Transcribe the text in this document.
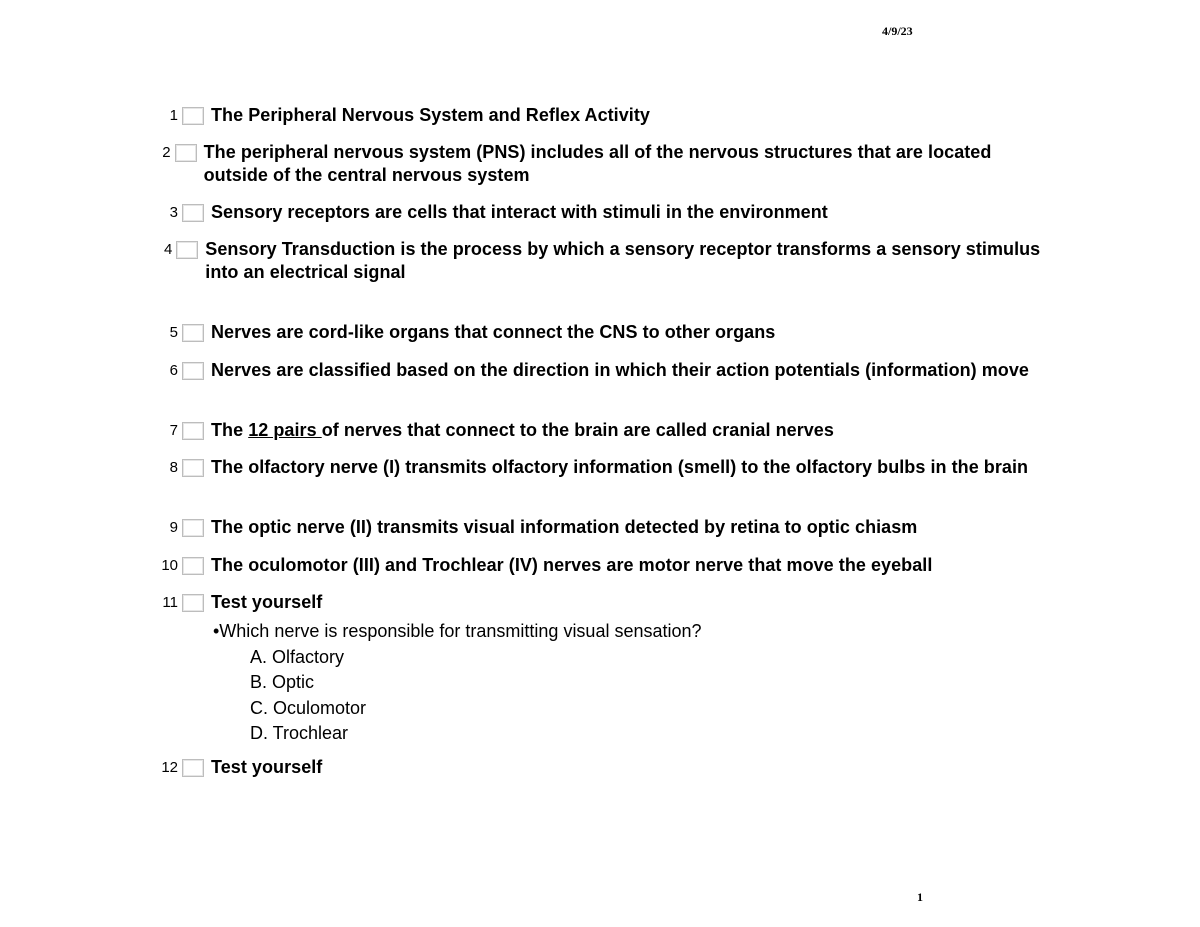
4/9/23
1 The Peripheral Nervous System and Reflex Activity
2 The peripheral nervous system (PNS) includes all of the nervous structures that are located outside of the central nervous system
3 Sensory receptors are cells that interact with stimuli in the environment
4 Sensory Transduction is the process by which a sensory receptor transforms a sensory stimulus into an electrical signal
5 Nerves are cord-like organs that connect the CNS to other organs
6 Nerves are classified based on the direction in which their action potentials (information) move
7 The 12 pairs of nerves that connect to the brain are called cranial nerves
8 The olfactory nerve (I) transmits olfactory information (smell) to the olfactory bulbs in the brain
9 The optic nerve (II) transmits visual information detected by retina to optic chiasm
10 The oculomotor (III) and Trochlear (IV) nerves are motor nerve that move the eyeball
11 Test yourself
•Which nerve is responsible for transmitting visual sensation?
A. Olfactory
B. Optic
C. Oculomotor
D. Trochlear
12 Test yourself
1
